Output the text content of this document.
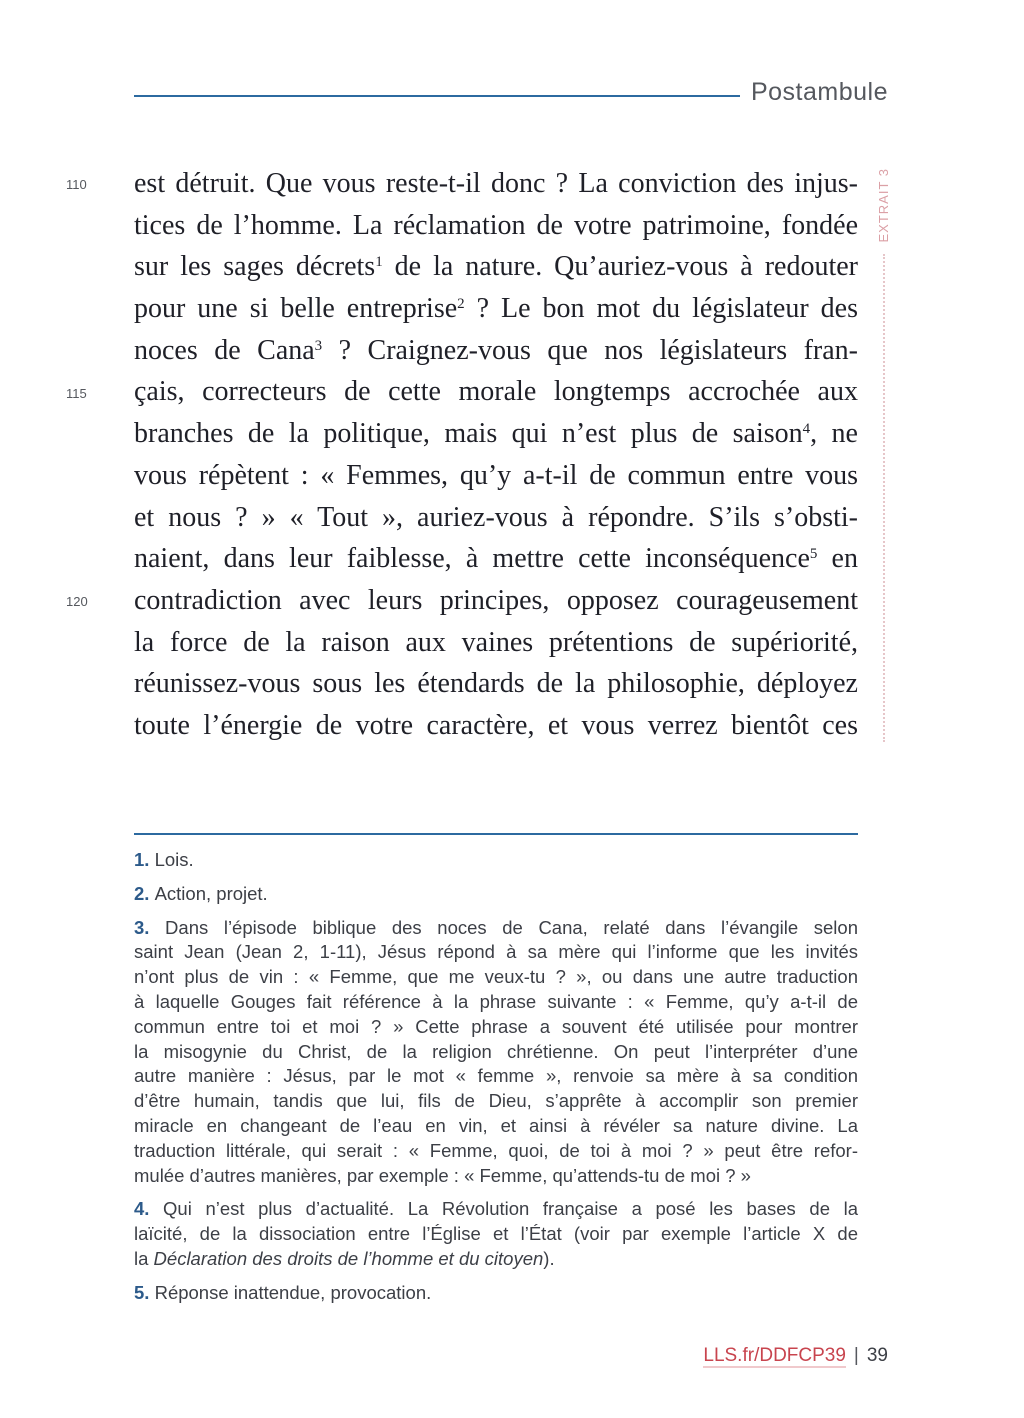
Postambule
EXTRAIT 3
110
115
120
est détruit. Que vous reste-t-il donc ? La conviction des injus-
tices de l’homme. La réclamation de votre patrimoine, fondée
sur les sages décrets$^1$ de la nature. Qu’auriez-vous à redouter
pour une si belle entreprise$^2$ ? Le bon mot du législateur des
noces de Cana$^3$ ? Craignez-vous que nos législateurs fran-
çais, correcteurs de cette morale longtemps accrochée aux
branches de la politique, mais qui n’est plus de saison$^4$, ne
vous répètent : « Femmes, qu’y a-t-il de commun entre vous
et nous ? » « Tout », auriez-vous à répondre. S’ils s’obsti-
naient, dans leur faiblesse, à mettre cette inconséquence$^5$ en
contradiction avec leurs principes, opposez courageusement
la force de la raison aux vaines prétentions de supériorité,
réunissez-vous sous les étendards de la philosophie, déployez
toute l’énergie de votre caractère, et vous verrez bientôt ces
1. Lois.
2. Action, projet.
3. Dans l’épisode biblique des noces de Cana, relaté dans l’évangile selon
saint Jean (Jean 2, 1-11), Jésus répond à sa mère qui l’informe que les invités
n’ont plus de vin : « Femme, que me veux-tu ? », ou dans une autre traduction
à laquelle Gouges fait référence à la phrase suivante : « Femme, qu’y a-t-il de
commun entre toi et moi ? » Cette phrase a souvent été utilisée pour montrer
la misogynie du Christ, de la religion chrétienne. On peut l’interpréter d’une
autre manière : Jésus, par le mot « femme », renvoie sa mère à sa condition
d’être humain, tandis que lui, fils de Dieu, s’apprête à accomplir son premier
miracle en changeant de l’eau en vin, et ainsi à révéler sa nature divine. La
traduction littérale, qui serait : « Femme, quoi, de toi à moi ? » peut être refor-
mulée d’autres manières, par exemple : « Femme, qu’attends-tu de moi ? »
4. Qui n’est plus d’actualité. La Révolution française a posé les bases de la
laïcité, de la dissociation entre l’Église et l’État (voir par exemple l’article X de
la Déclaration des droits de l’homme et du citoyen).
5. Réponse inattendue, provocation.
LLS.fr/DDFCP39 | 39
